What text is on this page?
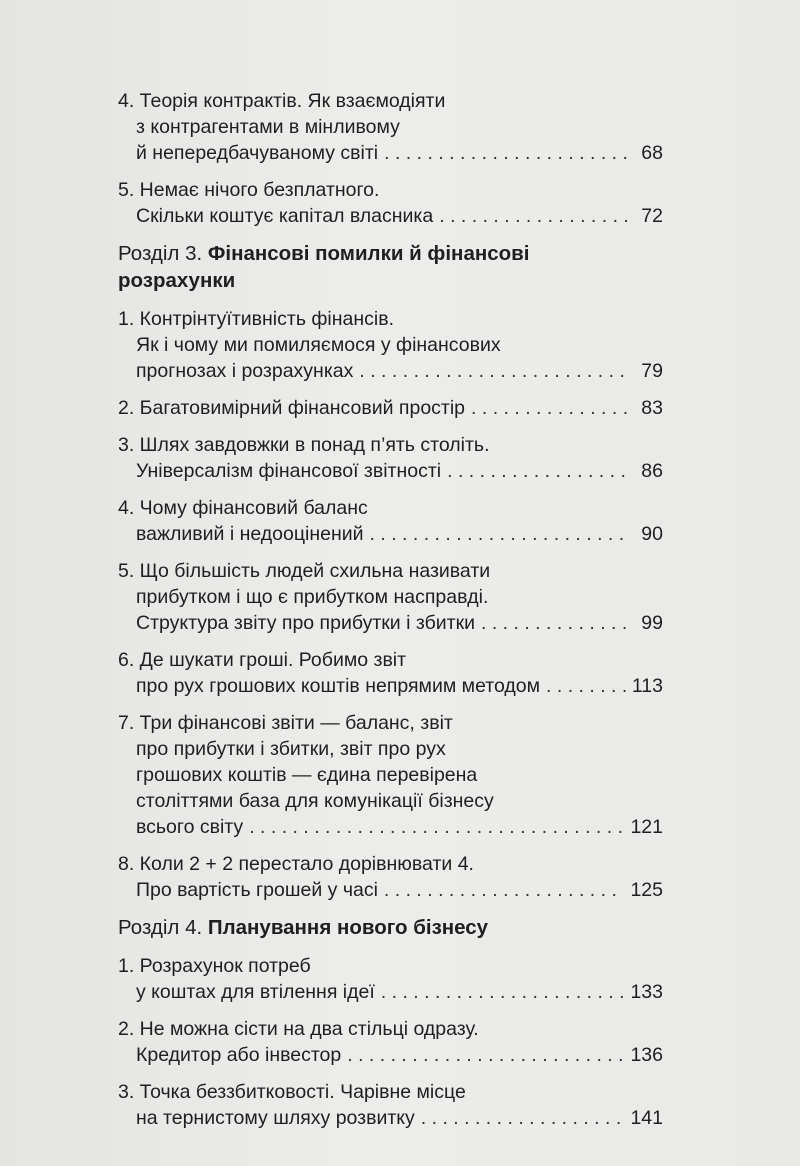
4. Теорія контрактів. Як взаємодіяти
з контрагентами в мінливому
й непередбачуваному світі . . .	68
5. Немає нічого безплатного.
Скільки коштує капітал власника . . .	72
Розділ 3. Фінансові помилки й фінансові
розрахунки
1. Контрінтуїтивність фінансів.
Як і чому ми помиляємося у фінансових
прогнозах і розрахунках . . .	79
2. Багатовимірний фінансовий простір . . .	83
3. Шлях завдовжки в понад п’ять століть.
Універсалізм фінансової звітності . . .	86
4. Чому фінансовий баланс
важливий і недооцінений . . .	90
5. Що більшість людей схильна називати
прибутком і що є прибутком насправді.
Структура звіту про прибутки і збитки . . .	99
6. Де шукати гроші. Робимо звіт
про рух грошових коштів непрямим методом . . .	113
7. Три фінансові звіти — баланс, звіт
про прибутки і збитки, звіт про рух
грошових коштів — єдина перевірена
століттями база для комунікації бізнесу
всього світу . . .	121
8. Коли 2 + 2 перестало дорівнювати 4.
Про вартість грошей у часі . . .	125
Розділ 4. Планування нового бізнесу
1. Розрахунок потреб
у коштах для втілення ідеї . . .	133
2. Не можна сісти на два стільці одразу.
Кредитор або інвестор . . .	136
3. Точка беззбитковості. Чарівне місце
на тернистому шляху розвитку . . .	141
